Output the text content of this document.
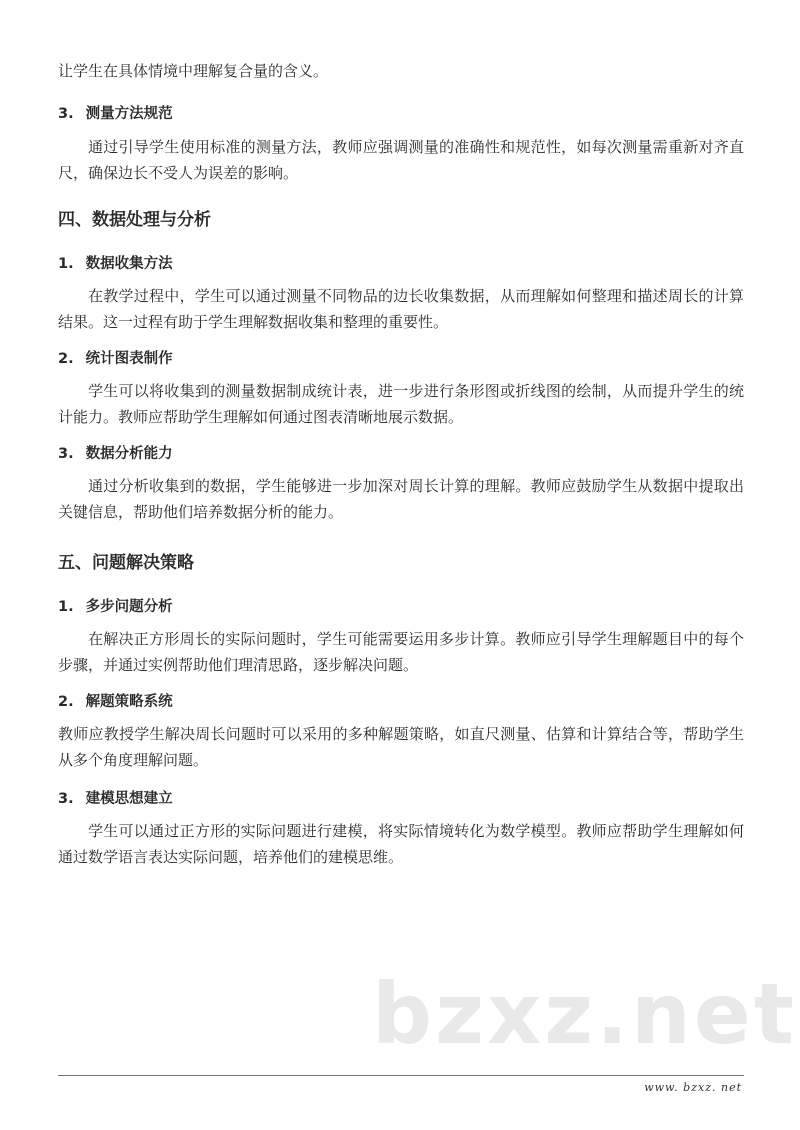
让学生在具体情境中理解复合量的含义。

3. 测量方法规范

通过引导学生使用标准的测量方法，教师应强调测量的准确性和规范性，如每次测量需重新对齐直尺，确保边长不受人为误差的影响。

四、数据处理与分析
1. 数据收集方法

在教学过程中，学生可以通过测量不同物品的边长收集数据，从而理解如何整理和描述周长的计算结果。这一过程有助于学生理解数据收集和整理的重要性。

2. 统计图表制作

学生可以将收集到的测量数据制成统计表，进一步进行条形图或折线图的绘制，从而提升学生的统计能力。教师应帮助学生理解如何通过图表清晰地展示数据。

3. 数据分析能力

通过分析收集到的数据，学生能够进一步加深对周长计算的理解。教师应鼓励学生从数据中提取出关键信息，帮助他们培养数据分析的能力。

五、问题解决策略
1. 多步问题分析

在解决正方形周长的实际问题时，学生可能需要运用多步计算。教师应引导学生理解题目中的每个步骤，并通过实例帮助他们理清思路，逐步解决问题。

2. 解题策略系统

教师应教授学生解决周长问题时可以采用的多种解题策略，如直尺测量、估算和计算结合等，帮助学生从多个角度理解问题。

3. 建模思想建立

学生可以通过正方形的实际问题进行建模，将实际情境转化为数学模型。教师应帮助学生理解如何通过数学语言表达实际问题，培养他们的建模思维。

bzxz.net
www. bzxz. net
